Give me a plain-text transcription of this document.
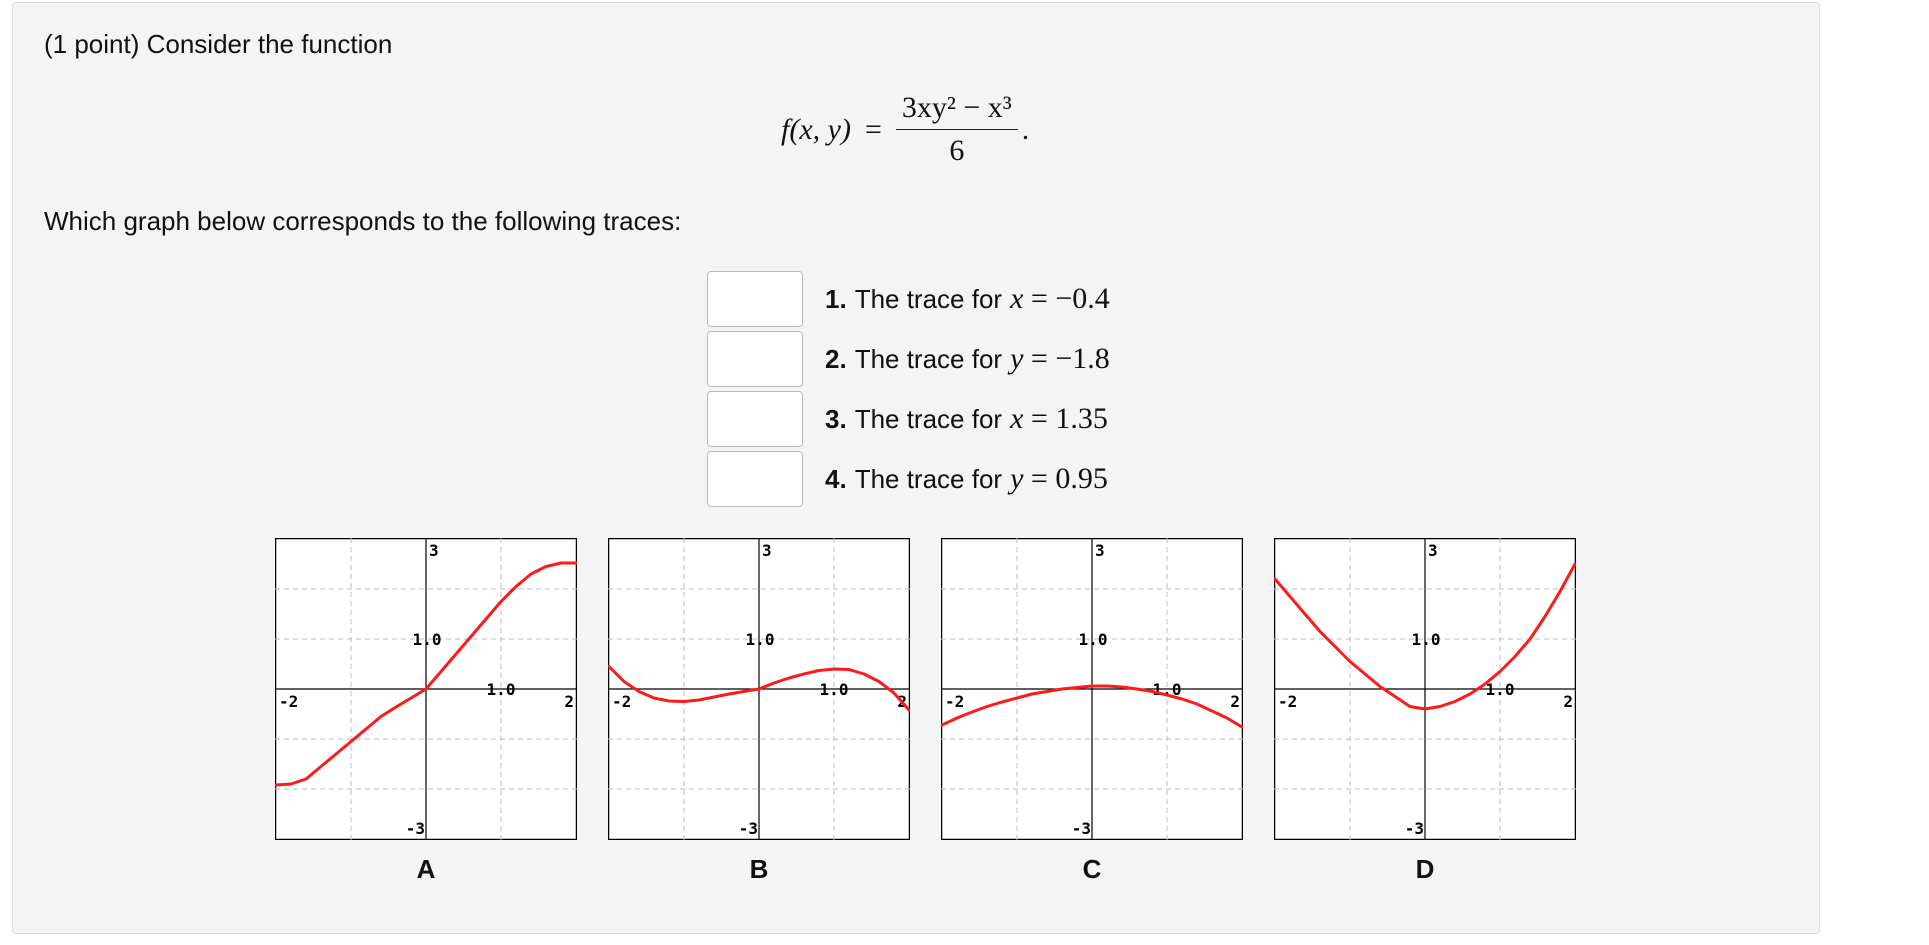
(1 point) Consider the function

f(x, $y) = \frac{\text{3xy² − x³}}{6}$ .

Which graph below corresponds to the following traces:

1. The trace for x = −0.4
2. The trace for y = −1.8
3. The trace for x = 1.35
4. The trace for y = 0.95
3
1.0
1.0
-2	2
-3
A
3
1.0
1.0
-2	2
-3
B
3
1.0
1.0
-2	2
-3
C
3
1.0
1.0
-2	2
-3
D
